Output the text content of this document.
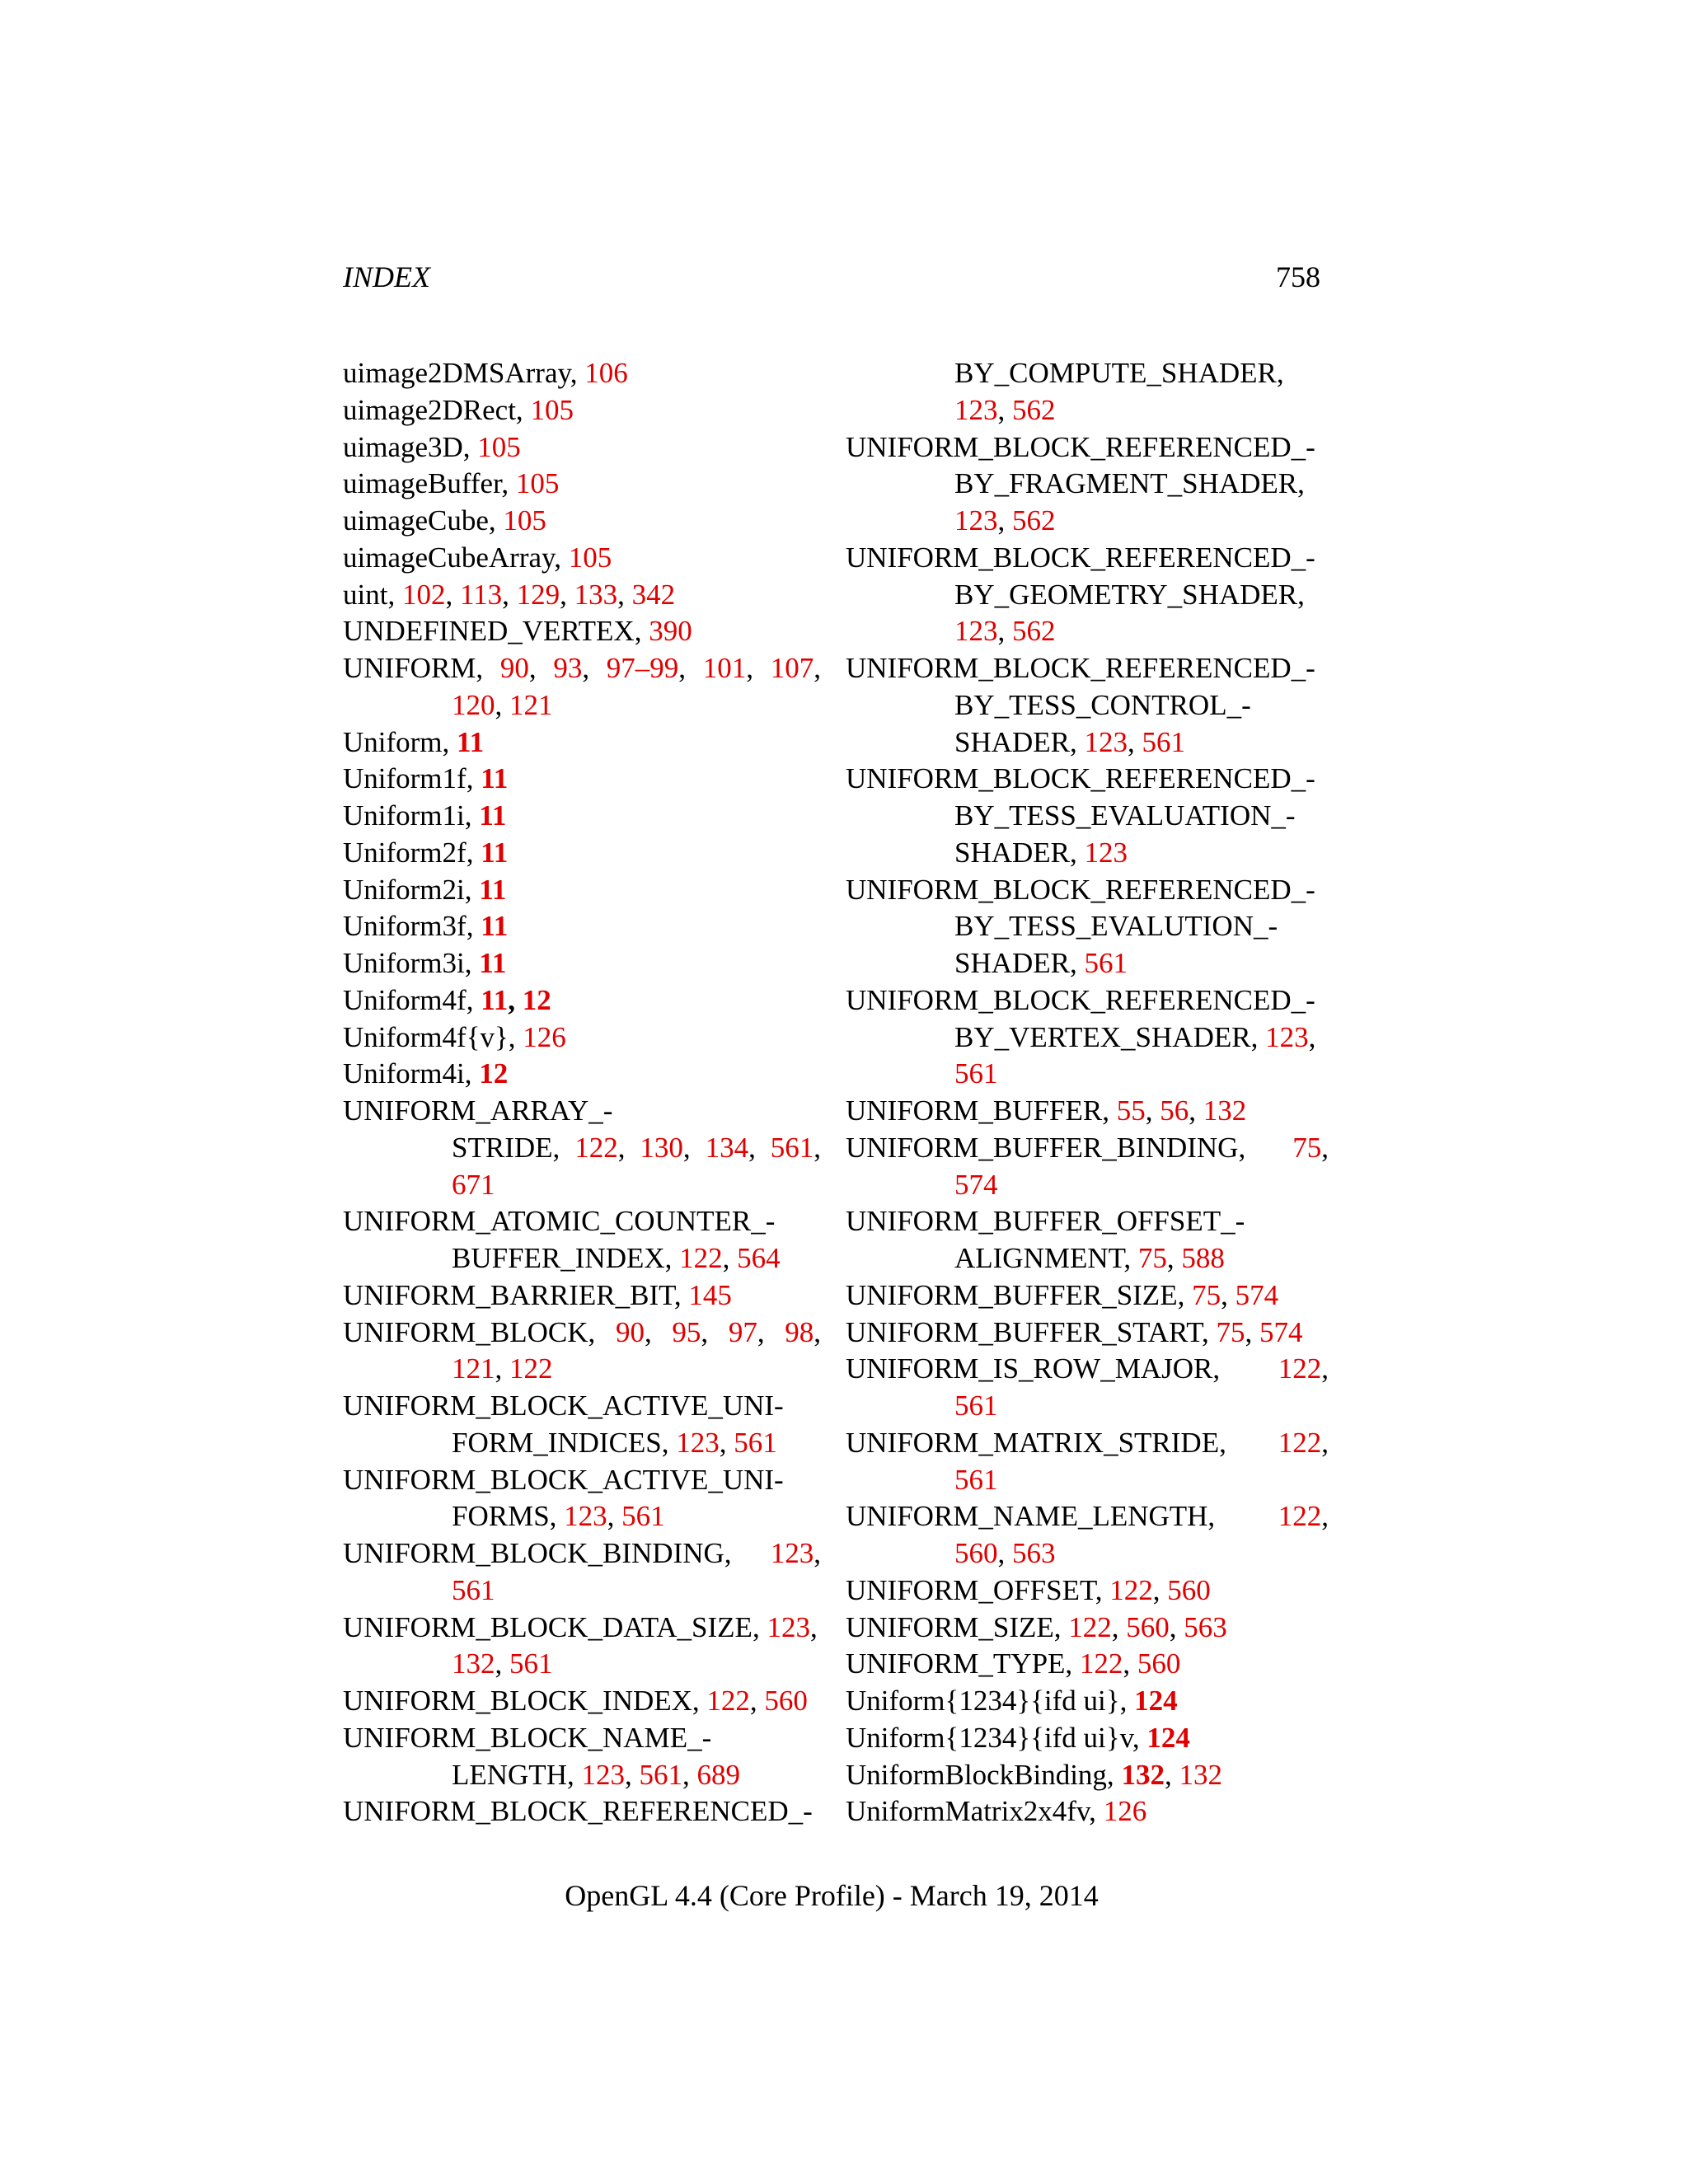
INDEX	758
uimage2DMSArray, 106
uimage2DRect, 105
uimage3D, 105
uimageBuffer, 105
uimageCube, 105
uimageCubeArray, 105
uint, 102, 113, 129, 133, 342
UNDEFINED_VERTEX, 390
UNIFORM, 90, 93, 97–99, 101, 107,
120, 121
Uniform, 11
Uniform1f, 11
Uniform1i, 11
Uniform2f, 11
Uniform2i, 11
Uniform3f, 11
Uniform3i, 11
Uniform4f, 11, 12
Uniform4f{v}, 126
Uniform4i, 12
UNIFORM_ARRAY_-
STRIDE, 122, 130, 134, 561,
671
UNIFORM_ATOMIC_COUNTER_-
BUFFER_INDEX, 122, 564
UNIFORM_BARRIER_BIT, 145
UNIFORM_BLOCK, 90, 95, 97, 98,
121, 122
UNIFORM_BLOCK_ACTIVE_UNI-
FORM_INDICES, 123, 561
UNIFORM_BLOCK_ACTIVE_UNI-
FORMS, 123, 561
UNIFORM_BLOCK_BINDING, 123,
561
UNIFORM_BLOCK_DATA_SIZE, 123,
132, 561
UNIFORM_BLOCK_INDEX, 122, 560
UNIFORM_BLOCK_NAME_-
LENGTH, 123, 561, 689
UNIFORM_BLOCK_REFERENCED_-
BY_COMPUTE_SHADER,
123, 562
UNIFORM_BLOCK_REFERENCED_-
BY_FRAGMENT_SHADER,
123, 562
UNIFORM_BLOCK_REFERENCED_-
BY_GEOMETRY_SHADER,
123, 562
UNIFORM_BLOCK_REFERENCED_-
BY_TESS_CONTROL_-
SHADER, 123, 561
UNIFORM_BLOCK_REFERENCED_-
BY_TESS_EVALUATION_-
SHADER, 123
UNIFORM_BLOCK_REFERENCED_-
BY_TESS_EVALUTION_-
SHADER, 561
UNIFORM_BLOCK_REFERENCED_-
BY_VERTEX_SHADER, 123,
561
UNIFORM_BUFFER, 55, 56, 132
UNIFORM_BUFFER_BINDING, 75,
574
UNIFORM_BUFFER_OFFSET_-
ALIGNMENT, 75, 588
UNIFORM_BUFFER_SIZE, 75, 574
UNIFORM_BUFFER_START, 75, 574
UNIFORM_IS_ROW_MAJOR, 122,
561
UNIFORM_MATRIX_STRIDE, 122,
561
UNIFORM_NAME_LENGTH, 122,
560, 563
UNIFORM_OFFSET, 122, 560
UNIFORM_SIZE, 122, 560, 563
UNIFORM_TYPE, 122, 560
Uniform{1234}{ifd ui}, 124
Uniform{1234}{ifd ui}v, 124
UniformBlockBinding, 132, 132
UniformMatrix2x4fv, 126
OpenGL 4.4 (Core Profile) - March 19, 2014
